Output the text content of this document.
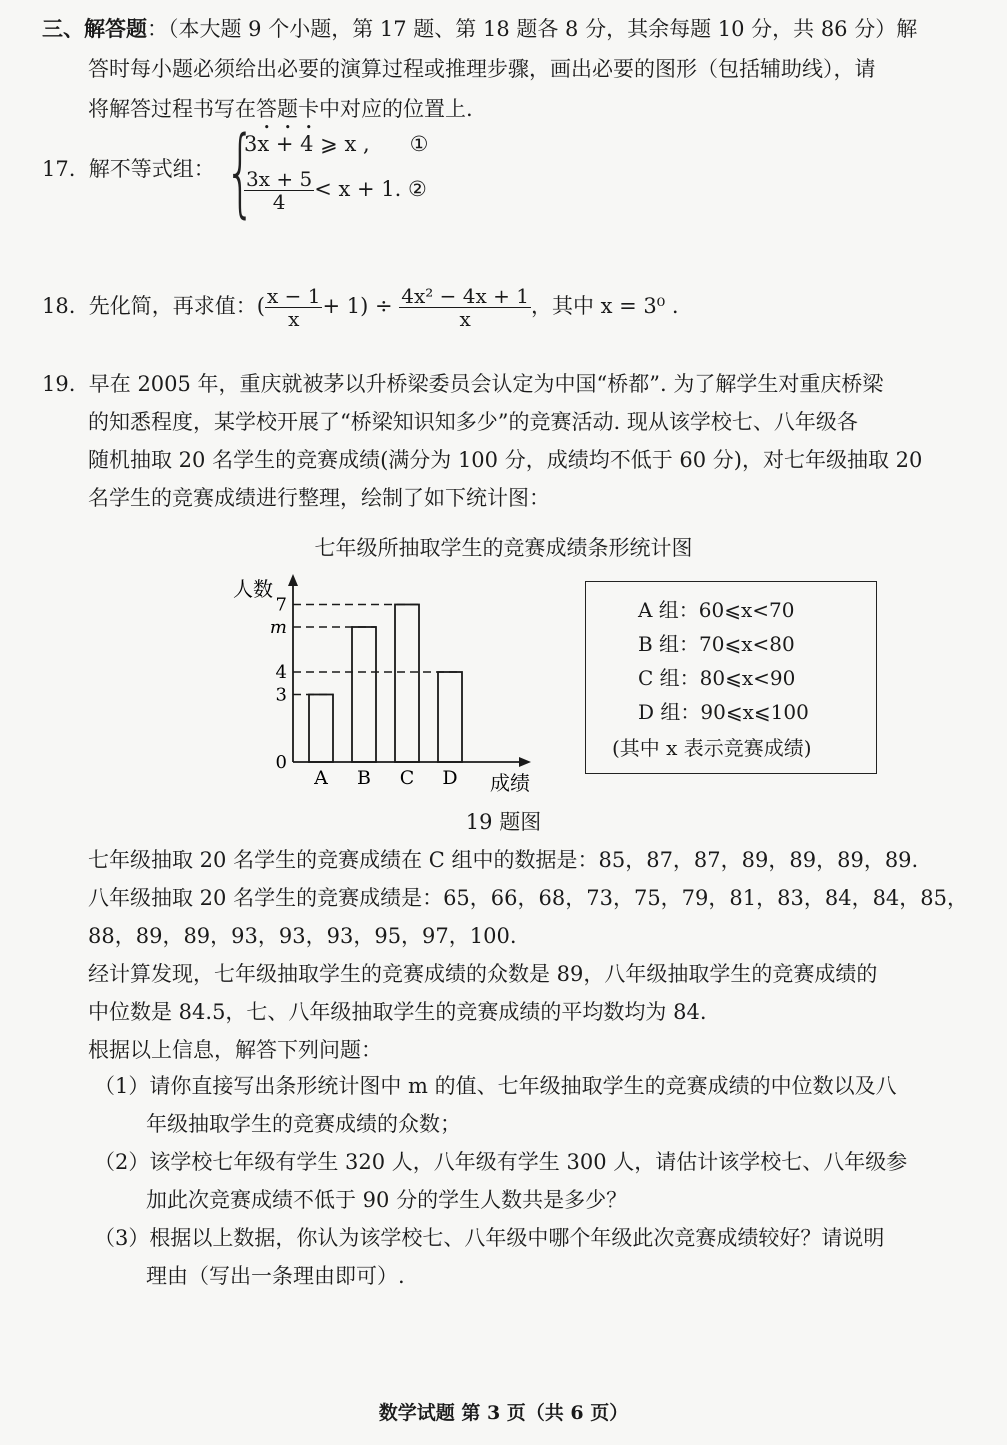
三、解答题：（本大题 9 个小题，第 17 题、第 18 题各 8 分，其余每题 10 分，共 86 分）解
答时每小题必须给出必要的演算过程或推理步骤，画出必要的图形（包括辅助线），请
将解答过程书写在答题卡中对应的位置上.
17. 解不等式组： {
3x + 4 ⩾ x , ①
$\frac{3x + 5}{4} < x + 1$. ②
18. 先化简，再求值：( $\frac{x - 1}{x} + 1) \div \frac{\text{4x² − 4x + 1}}{x}$ ，其中 x = 3⁰ .
19. 早在 2005 年，重庆就被茅以升桥梁委员会认定为中国“桥都”. 为了解学生对重庆桥梁
的知悉程度，某学校开展了“桥梁知识知多少”的竞赛活动. 现从该学校七、八年级各
随机抽取 20 名学生的竞赛成绩(满分为 100 分，成绩均不低于 60 分)，对七年级抽取 20
名学生的竞赛成绩进行整理，绘制了如下统计图：
七年级所抽取学生的竞赛成绩条形统计图
人数
成绩
A B C D
0
3
4
m
7	A 组：60⩽x<70
B 组：70⩽x<80
C 组：80⩽x<90
D 组：90⩽x⩽100
(其中 x 表示竞赛成绩)
19 题图
七年级抽取 20 名学生的竞赛成绩在 C 组中的数据是：85，87，87，89，89，89，89.
八年级抽取 20 名学生的竞赛成绩是：65，66，68，73，75，79，81，83，84，84，85，
88，89，89，93，93，93，95，97，100.
经计算发现，七年级抽取学生的竞赛成绩的众数是 89，八年级抽取学生的竞赛成绩的
中位数是 84.5，七、八年级抽取学生的竞赛成绩的平均数均为 84.
根据以上信息，解答下列问题：
（1）请你直接写出条形统计图中 m 的值、七年级抽取学生的竞赛成绩的中位数以及八
年级抽取学生的竞赛成绩的众数；
（2）该学校七年级有学生 320 人，八年级有学生 300 人，请估计该学校七、八年级参
加此次竞赛成绩不低于 90 分的学生人数共是多少？
（3）根据以上数据，你认为该学校七、八年级中哪个年级此次竞赛成绩较好？请说明
理由（写出一条理由即可）.
数学试题 第 3 页（共 6 页）
